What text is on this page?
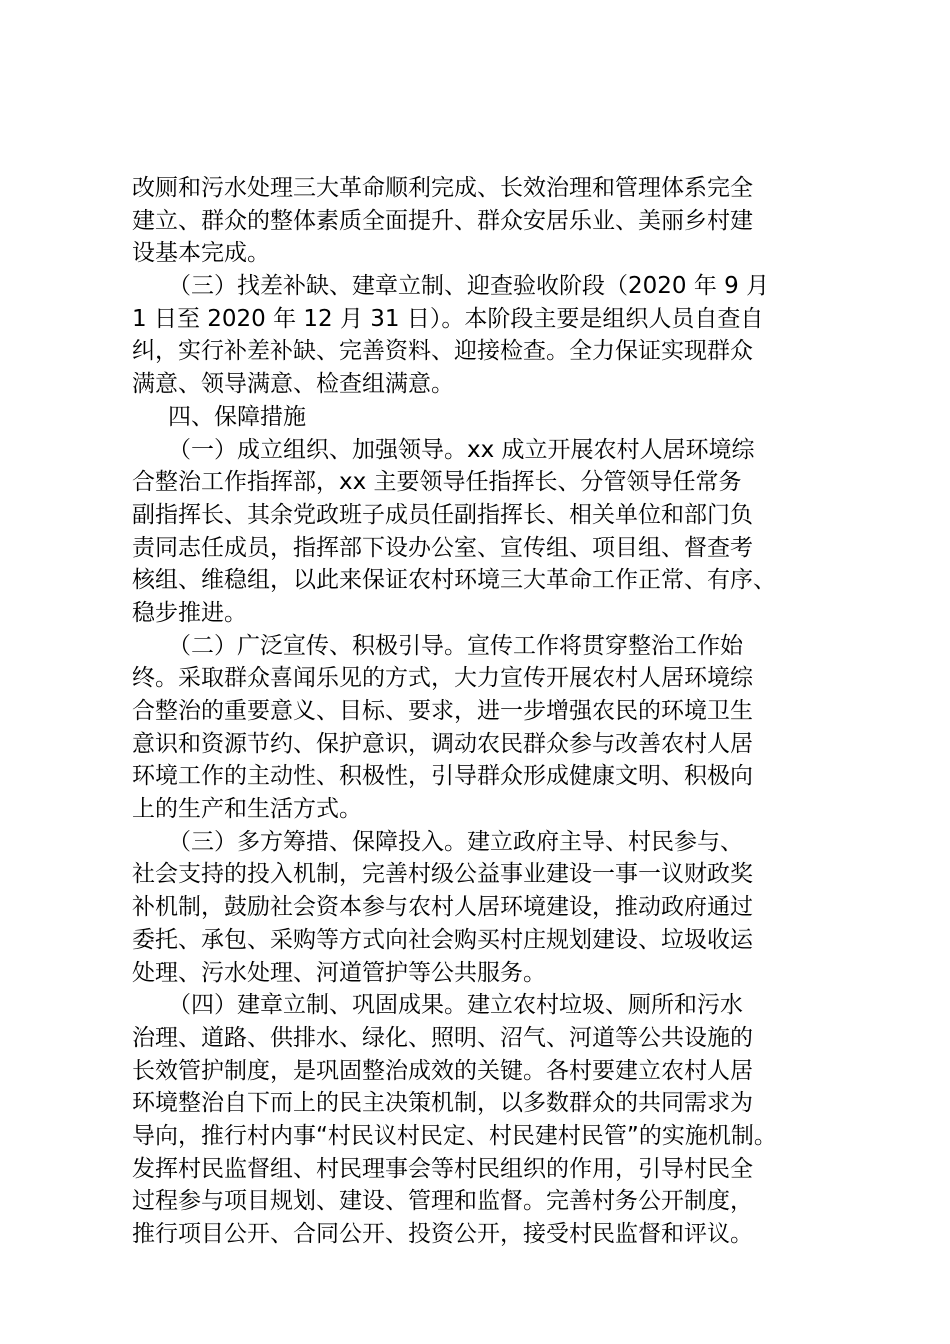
改厕和污水处理三大革命顺利完成、长效治理和管理体系完全
建立、群众的整体素质全面提升、群众安居乐业、美丽乡村建
设基本完成。
（三）找差补缺、建章立制、迎查验收阶段（2020 年 9 月
1 日至 2020 年 12 月 31 日）。本阶段主要是组织人员自查自
纠，实行补差补缺、完善资料、迎接检查。全力保证实现群众
满意、领导满意、检查组满意。
四、保障措施
（一）成立组织、加强领导。xx 成立开展农村人居环境综
合整治工作指挥部，xx 主要领导任指挥长、分管领导任常务
副指挥长、其余党政班子成员任副指挥长、相关单位和部门负
责同志任成员，指挥部下设办公室、宣传组、项目组、督查考
核组、维稳组，以此来保证农村环境三大革命工作正常、有序、
稳步推进。
（二）广泛宣传、积极引导。宣传工作将贯穿整治工作始
终。采取群众喜闻乐见的方式，大力宣传开展农村人居环境综
合整治的重要意义、目标、要求，进一步增强农民的环境卫生
意识和资源节约、保护意识，调动农民群众参与改善农村人居
环境工作的主动性、积极性，引导群众形成健康文明、积极向
上的生产和生活方式。
（三）多方筹措、保障投入。建立政府主导、村民参与、
社会支持的投入机制，完善村级公益事业建设一事一议财政奖
补机制，鼓励社会资本参与农村人居环境建设，推动政府通过
委托、承包、采购等方式向社会购买村庄规划建设、垃圾收运
处理、污水处理、河道管护等公共服务。
（四）建章立制、巩固成果。建立农村垃圾、厕所和污水
治理、道路、供排水、绿化、照明、沼气、河道等公共设施的
长效管护制度，是巩固整治成效的关键。各村要建立农村人居
环境整治自下而上的民主决策机制，以多数群众的共同需求为
导向，推行村内事“村民议村民定、村民建村民管”的实施机制。
发挥村民监督组、村民理事会等村民组织的作用，引导村民全
过程参与项目规划、建设、管理和监督。完善村务公开制度，
推行项目公开、合同公开、投资公开，接受村民监督和评议。
